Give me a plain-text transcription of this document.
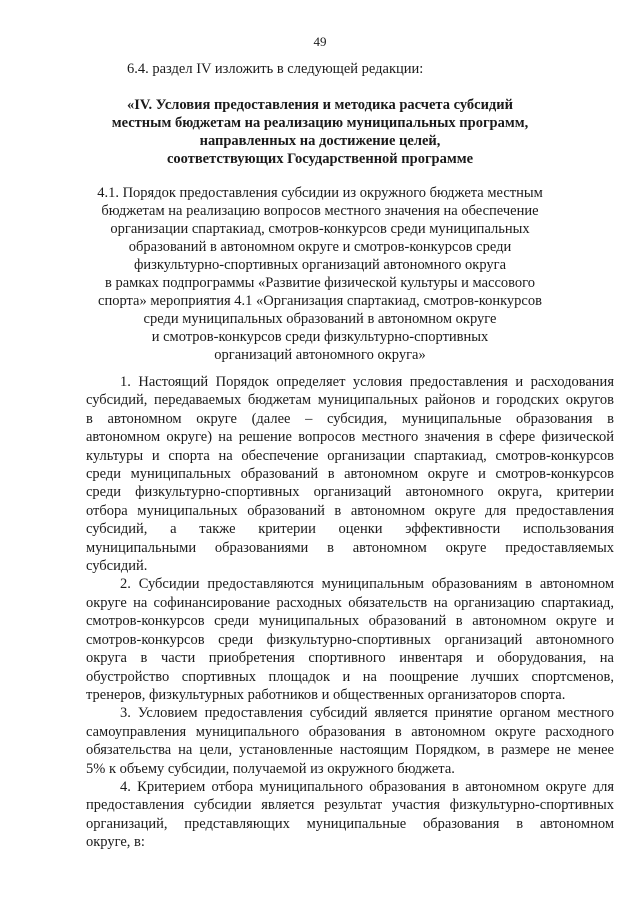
49
6.4. раздел IV изложить в следующей редакции:
«IV. Условия предоставления и методика расчета субсидий
местным бюджетам на реализацию муниципальных программ,
направленных на достижение целей,
соответствующих Государственной программе
4.1. Порядок предоставления субсидии из окружного бюджета местным
бюджетам на реализацию вопросов местного значения на обеспечение
организации спартакиад, смотров-конкурсов среди муниципальных
образований в автономном округе и смотров-конкурсов среди
физкультурно-спортивных организаций автономного округа
в рамках подпрограммы «Развитие физической культуры и массового
спорта» мероприятия 4.1 «Организация спартакиад, смотров-конкурсов
среди муниципальных образований в автономном округе
и смотров-конкурсов среди физкультурно-спортивных
организаций автономного округа»

1. Настоящий Порядок определяет условия предоставления и расходования
субсидий, передаваемых бюджетам муниципальных районов и городских округов
в автономном округе (далее – субсидия, муниципальные образования в
автономном округе) на решение вопросов местного значения в сфере физической
культуры и спорта на обеспечение организации спартакиад, смотров-конкурсов
среди муниципальных образований в автономном округе и смотров-конкурсов
среди физкультурно-спортивных организаций автономного округа, критерии
отбора муниципальных образований в автономном округе для предоставления
субсидий, а также критерии оценки эффективности использования
муниципальными образованиями в автономном округе предоставляемых
субсидий.

2. Субсидии предоставляются муниципальным образованиям в автономном
округе на софинансирование расходных обязательств на организацию спартакиад,
смотров-конкурсов среди муниципальных образований в автономном округе и
смотров-конкурсов среди физкультурно-спортивных организаций автономного
округа в части приобретения спортивного инвентаря и оборудования, на
обустройство спортивных площадок и на поощрение лучших спортсменов,
тренеров, физкультурных работников и общественных организаторов спорта.

3. Условием предоставления субсидий является принятие органом местного
самоуправления муниципального образования в автономном округе расходного
обязательства на цели, установленные настоящим Порядком, в размере не менее
5% к объему субсидии, получаемой из окружного бюджета.

4. Критерием отбора муниципального образования в автономном округе для
предоставления субсидии является результат участия физкультурно-спортивных
организаций, представляющих муниципальные образования в автономном
округе, в:
